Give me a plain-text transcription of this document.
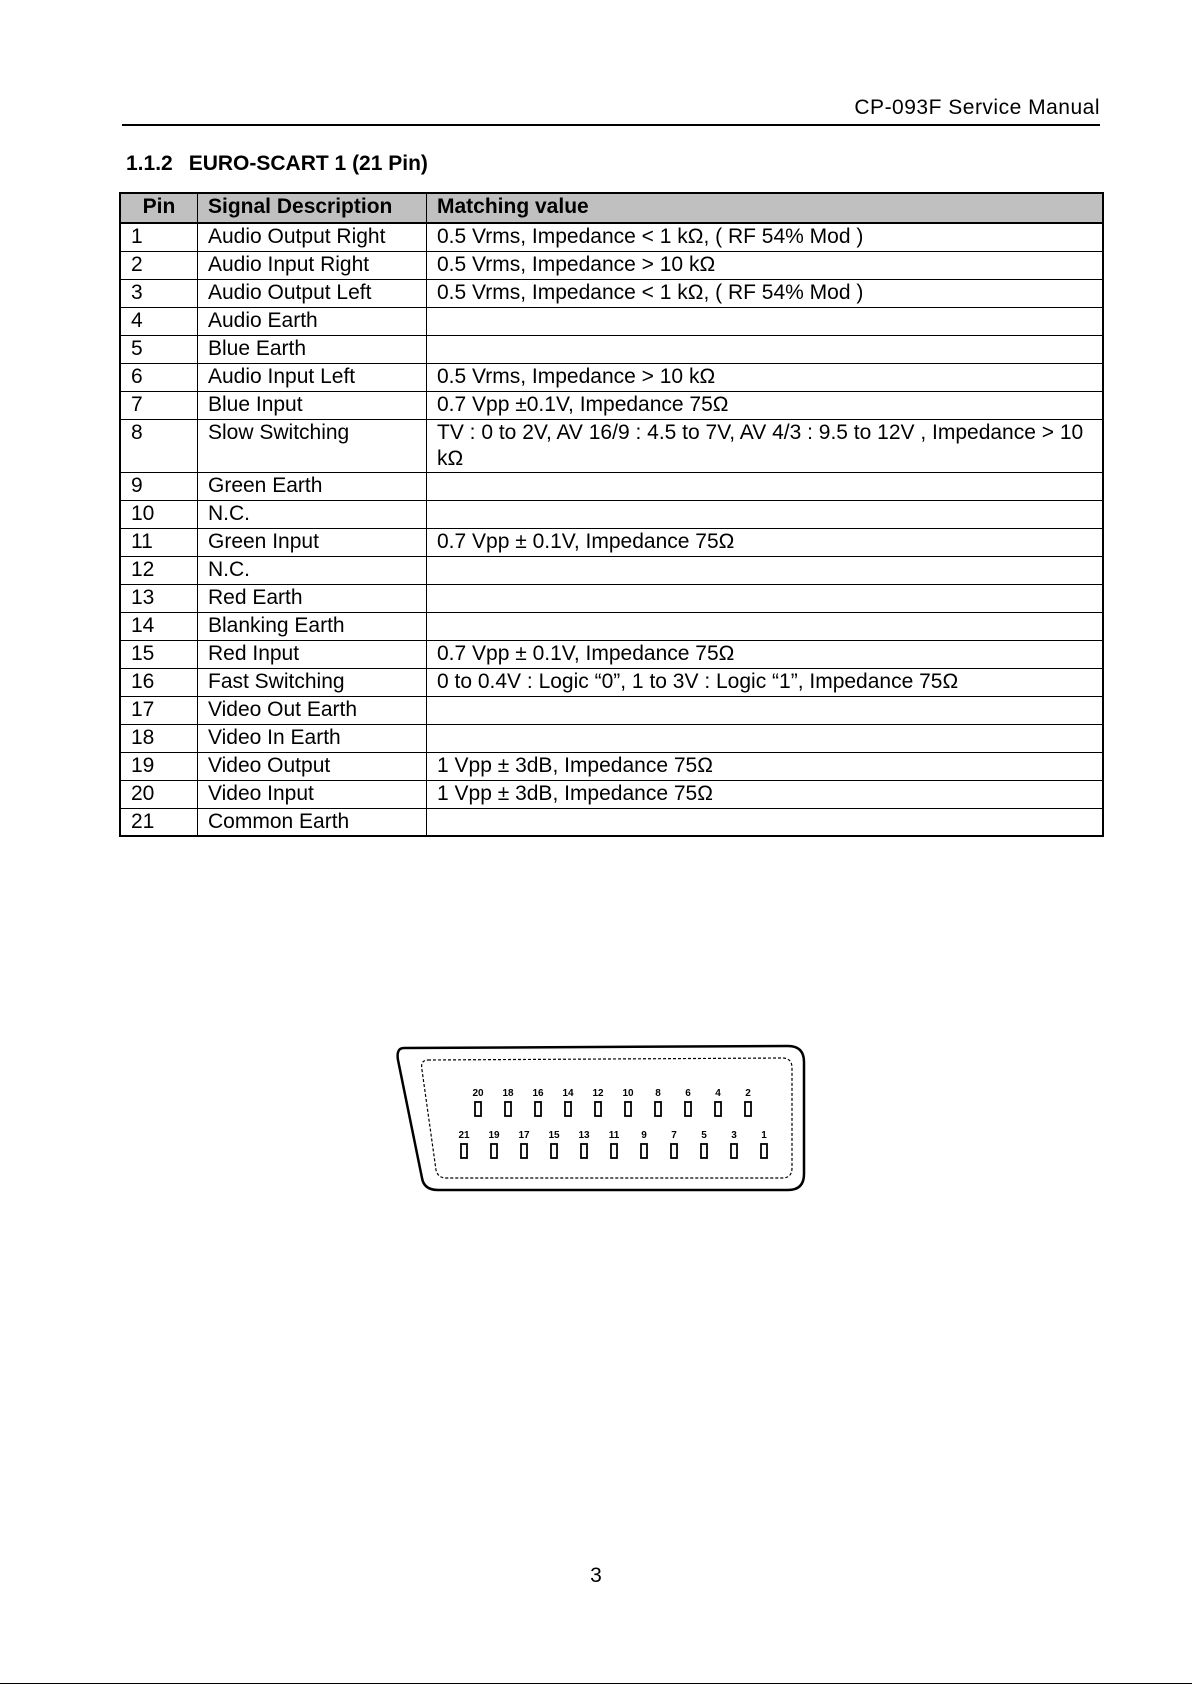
CP-093F Service Manual
1.1.2 EURO-SCART 1 (21 Pin)
Pin	Signal Description	Matching value
1	Audio Output Right	0.5 Vrms, Impedance < 1 kΩ, ( RF 54% Mod )
2	Audio Input Right	0.5 Vrms, Impedance > 10 kΩ
3	Audio Output Left	0.5 Vrms, Impedance < 1 kΩ, ( RF 54% Mod )
4	Audio Earth	
5	Blue Earth	
6	Audio Input Left	0.5 Vrms, Impedance > 10 kΩ
7	Blue Input	0.7 Vpp ±0.1V, Impedance 75Ω
8	Slow Switching	TV : 0 to 2V, AV 16/9 : 4.5 to 7V, AV 4/3 : 9.5 to 12V , Impedance > 10 kΩ
9	Green Earth	
10	N.C.	
11	Green Input	0.7 Vpp ± 0.1V, Impedance 75Ω
12	N.C.	
13	Red Earth	
14	Blanking Earth	
15	Red Input	0.7 Vpp ± 0.1V, Impedance 75Ω
16	Fast Switching	0 to 0.4V : Logic “0”, 1 to 3V : Logic “1”, Impedance 75Ω
17	Video Out Earth	
18	Video In Earth	
19	Video Output	1 Vpp ± 3dB, Impedance 75Ω
20	Video Input	1 Vpp ± 3dB, Impedance 75Ω
21	Common Earth	
20 18 16 14 12 10 8 6 4 2
21 19 17 15 13 11 9 7 5 3 1
3
